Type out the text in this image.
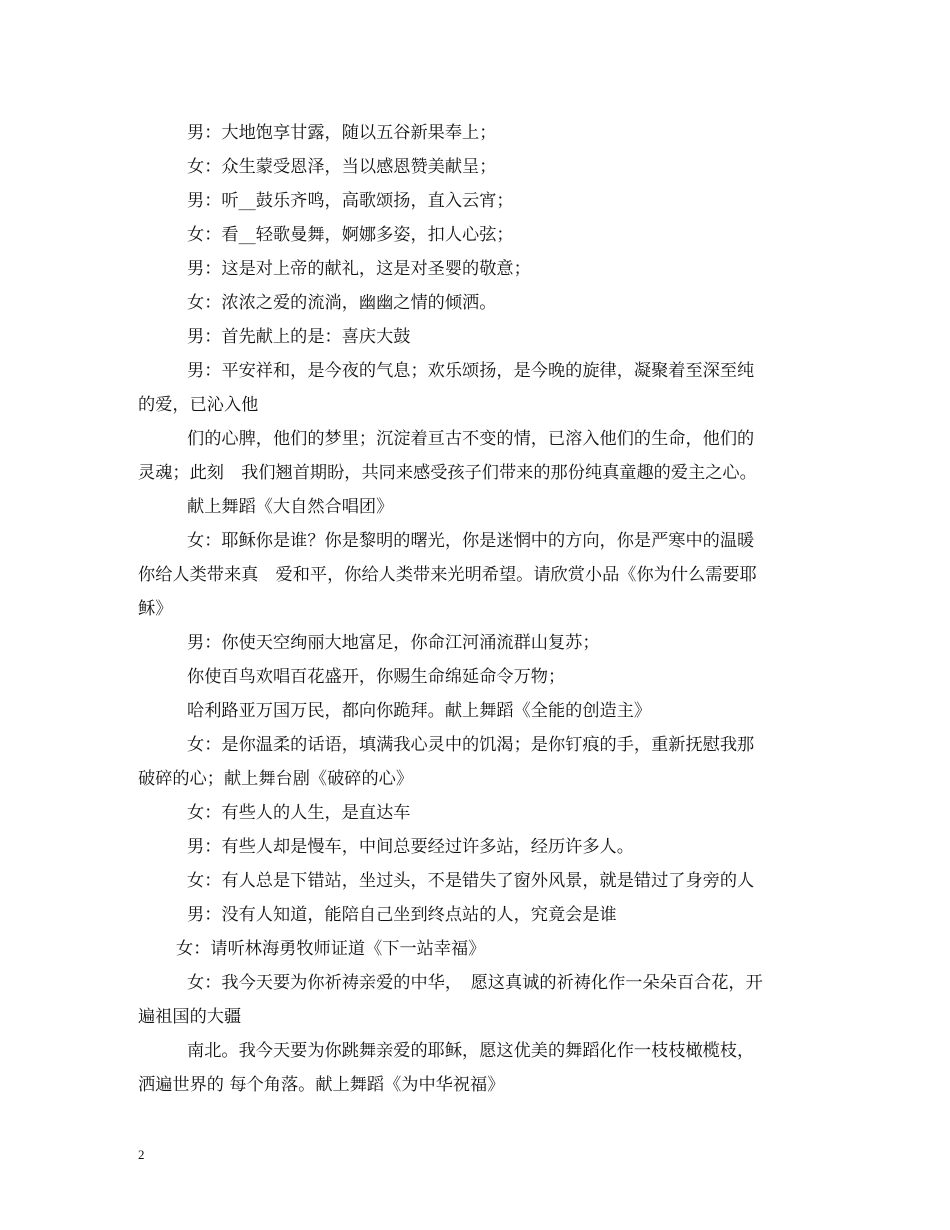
男：大地饱享甘露，随以五谷新果奉上；
女：众生蒙受恩泽，当以感恩赞美献呈；
男：听__鼓乐齐鸣，高歌颂扬，直入云宵；
女：看__轻歌曼舞，婀娜多姿，扣人心弦；
男：这是对上帝的献礼，这是对圣婴的敬意；
女：浓浓之爱的流淌，幽幽之情的倾洒。
男：首先献上的是：喜庆大鼓
男：平安祥和，是今夜的气息；欢乐颂扬，是今晚的旋律，凝聚着至深至纯
的爱，已沁入他
们的心脾，他们的梦里；沉淀着亘古不变的情，已溶入他们的生命，他们的
灵魂；此刻　我们翘首期盼，共同来感受孩子们带来的那份纯真童趣的爱主之心。
献上舞蹈《大自然合唱团》
女：耶稣你是谁？你是黎明的曙光，你是迷惘中的方向，你是严寒中的温暖
你给人类带来真　爱和平，你给人类带来光明希望。请欣赏小品《你为什么需要耶
稣》
男：你使天空绚丽大地富足，你命江河涌流群山复苏；
你使百鸟欢唱百花盛开，你赐生命绵延命令万物；
哈利路亚万国万民，都向你跪拜。献上舞蹈《全能的创造主》
女：是你温柔的话语，填满我心灵中的饥渴；是你钉痕的手，重新抚慰我那
破碎的心；献上舞台剧《破碎的心》
女：有些人的人生，是直达车
男：有些人却是慢车，中间总要经过许多站，经历许多人。
女：有人总是下错站，坐过头，不是错失了窗外风景，就是错过了身旁的人
男：没有人知道，能陪自己坐到终点站的人，究竟会是谁
女：请听林海勇牧师证道《下一站幸福》
女：我今天要为你祈祷亲爱的中华，　愿这真诚的祈祷化作一朵朵百合花，开
遍祖国的大疆
南北。我今天要为你跳舞亲爱的耶稣，愿这优美的舞蹈化作一枝枝橄榄枝，
洒遍世界的 每个角落。献上舞蹈《为中华祝福》
2
